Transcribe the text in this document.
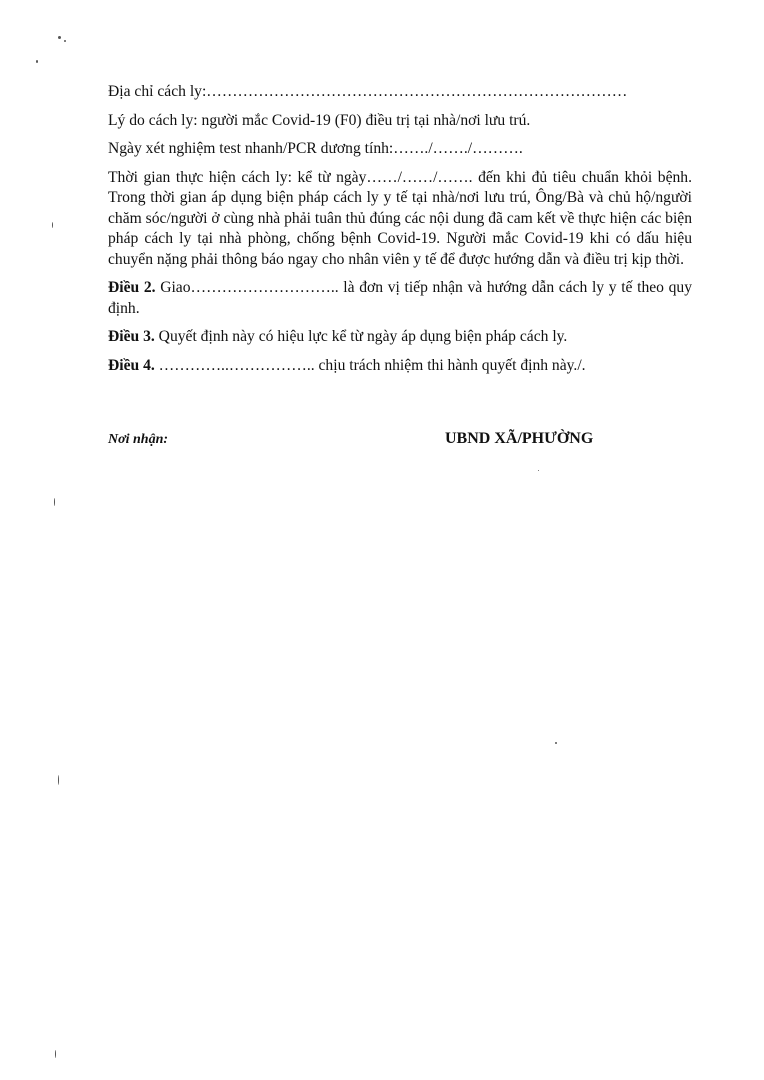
Địa chỉ cách ly:………………………………………………………………………

Lý do cách ly: người mắc Covid-19 (F0) điều trị tại nhà/nơi lưu trú.

Ngày xét nghiệm test nhanh/PCR dương tính:……./……./……….

Thời gian thực hiện cách ly: kể từ ngày……/……/……. đến khi đủ tiêu chuẩn khỏi bệnh. Trong thời gian áp dụng biện pháp cách ly y tế tại nhà/nơi lưu trú, Ông/Bà và chủ hộ/người chăm sóc/người ở cùng nhà phải tuân thủ đúng các nội dung đã cam kết về thực hiện các biện pháp cách ly tại nhà phòng, chống bệnh Covid-19. Người mắc Covid-19 khi có dấu hiệu chuyển nặng phải thông báo ngay cho nhân viên y tế để được hướng dẫn và điều trị kịp thời.

Điều 2. Giao……………………….. là đơn vị tiếp nhận và hướng dẫn cách ly y tế theo quy định.

Điều 3. Quyết định này có hiệu lực kể từ ngày áp dụng biện pháp cách ly.

Điều 4. …………..…………….. chịu trách nhiệm thi hành quyết định này./.

Nơi nhận:	UBND XÃ/PHƯỜNG
